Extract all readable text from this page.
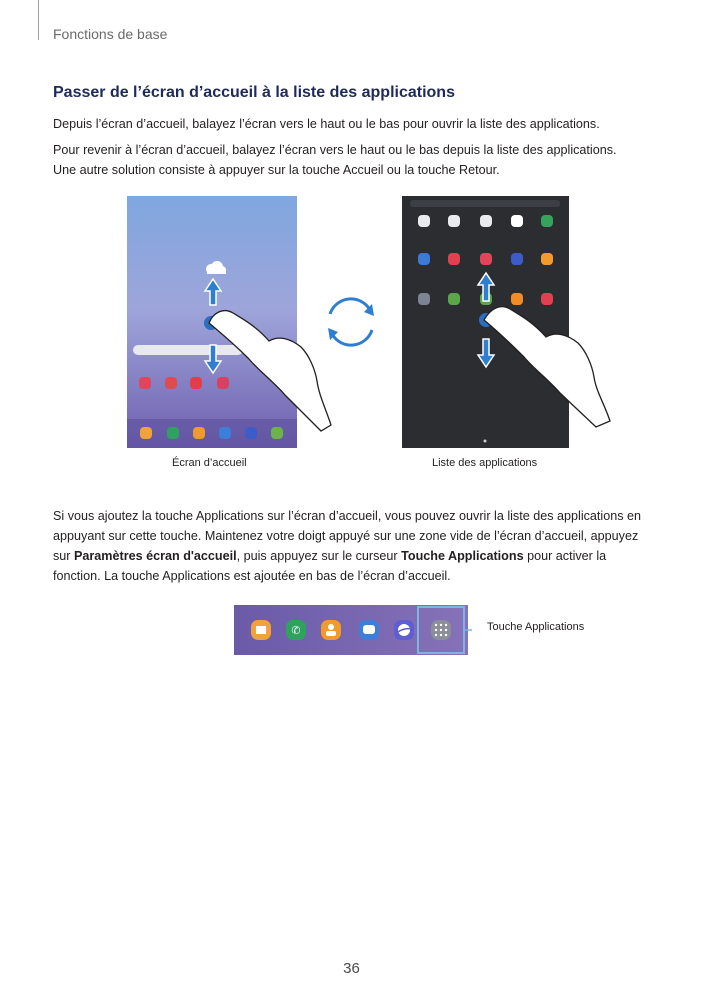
Fonctions de base
Passer de l’écran d’accueil à la liste des applications
Depuis l’écran d’accueil, balayez l’écran vers le haut ou le bas pour ouvrir la liste des applications.
Pour revenir à l’écran d’accueil, balayez l’écran vers le haut ou le bas depuis la liste des applications.
Une autre solution consiste à appuyer sur la touche Accueil ou la touche Retour.
Écran d’accueil	Liste des applications
Si vous ajoutez la touche Applications sur l’écran d’accueil, vous pouvez ouvrir la liste des applications en appuyant sur cette touche. Maintenez votre doigt appuyé sur une zone vide de l’écran d’accueil, appuyez sur Paramètres écran d'accueil, puis appuyez sur le curseur Touche Applications pour activer la fonction. La touche Applications est ajoutée en bas de l’écran d’accueil.
✆	Touche Applications
36
